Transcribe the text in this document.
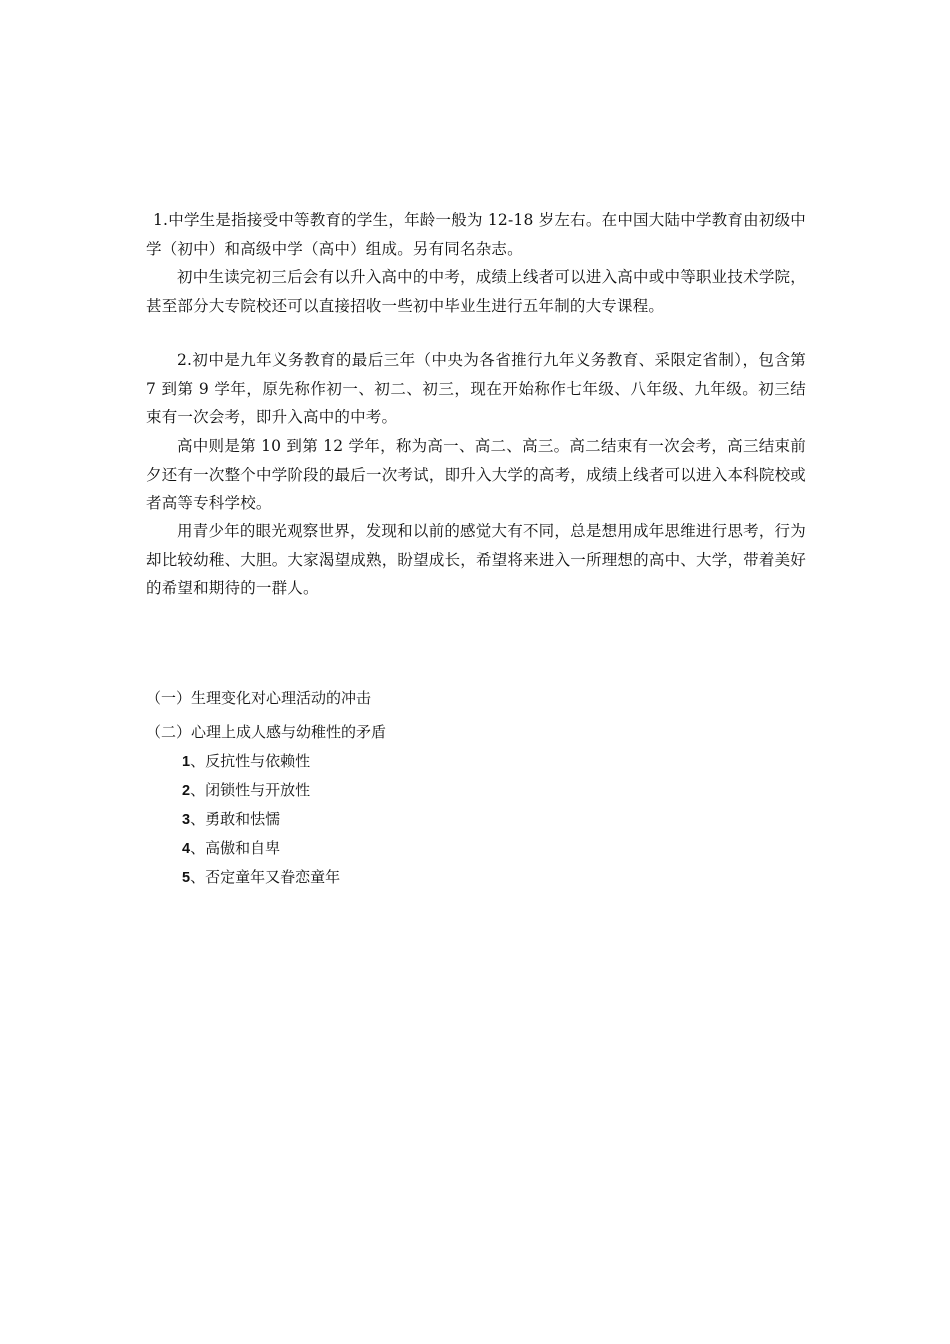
1.中学生是指接受中等教育的学生，年龄一般为 12-18 岁左右。在中国大陆中学教育由初级中学（初中）和高级中学（高中）组成。另有同名杂志。

初中生读完初三后会有以升入高中的中考，成绩上线者可以进入高中或中等职业技术学院，甚至部分大专院校还可以直接招收一些初中毕业生进行五年制的大专课程。

2.初中是九年义务教育的最后三年（中央为各省推行九年义务教育、采限定省制），包含第 7 到第 9 学年，原先称作初一、初二、初三，现在开始称作七年级、八年级、九年级。初三结束有一次会考，即升入高中的中考。

高中则是第 10 到第 12 学年，称为高一、高二、高三。高二结束有一次会考，高三结束前夕还有一次整个中学阶段的最后一次考试，即升入大学的高考，成绩上线者可以进入本科院校或者高等专科学校。

用青少年的眼光观察世界，发现和以前的感觉大有不同，总是想用成年思维进行思考，行为却比较幼稚、大胆。大家渴望成熟，盼望成长，希望将来进入一所理想的高中、大学，带着美好的希望和期待的一群人。

（一）生理变化对心理活动的冲击

（二）心理上成人感与幼稚性的矛盾

1、反抗性与依赖性

2、闭锁性与开放性

3、勇敢和怯懦

4、高傲和自卑

5、否定童年又眷恋童年
